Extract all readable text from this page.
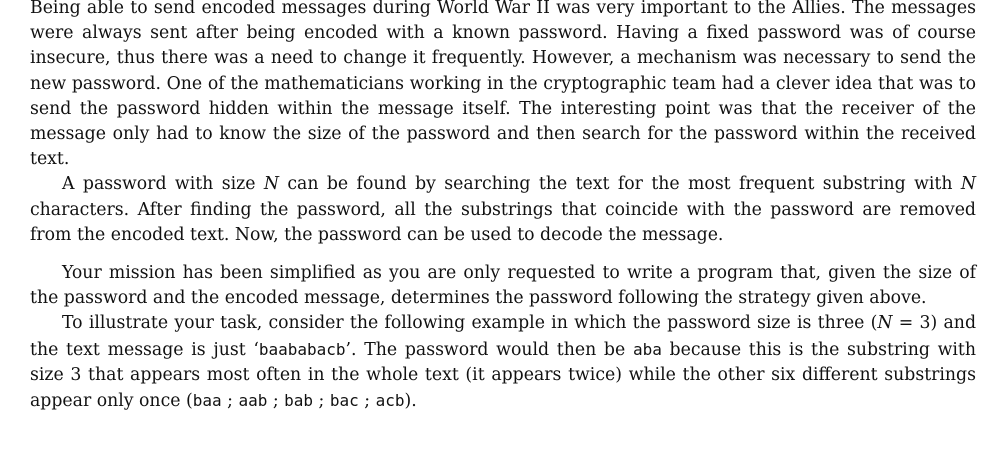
Being able to send encoded messages during World War II was very important to the Allies. The messages were always sent after being encoded with a known password. Having a fixed password was of course insecure, thus there was a need to change it frequently. However, a mechanism was necessary to send the new password. One of the mathematicians working in the cryptographic team had a clever idea that was to send the password hidden within the message itself. The interesting point was that the receiver of the message only had to know the size of the password and then search for the password within the received text.

A password with size N can be found by searching the text for the most frequent substring with N characters. After finding the password, all the substrings that coincide with the password are removed from the encoded text. Now, the password can be used to decode the message.

Your mission has been simplified as you are only requested to write a program that, given the size of the password and the encoded message, determines the password following the strategy given above.

To illustrate your task, consider the following example in which the password size is three (N = 3) and the text message is just ‘baababacb’. The password would then be aba because this is the substring with size 3 that appears most often in the whole text (it appears twice) while the other six different substrings appear only once (baa ; aab ; bab ; bac ; acb).
